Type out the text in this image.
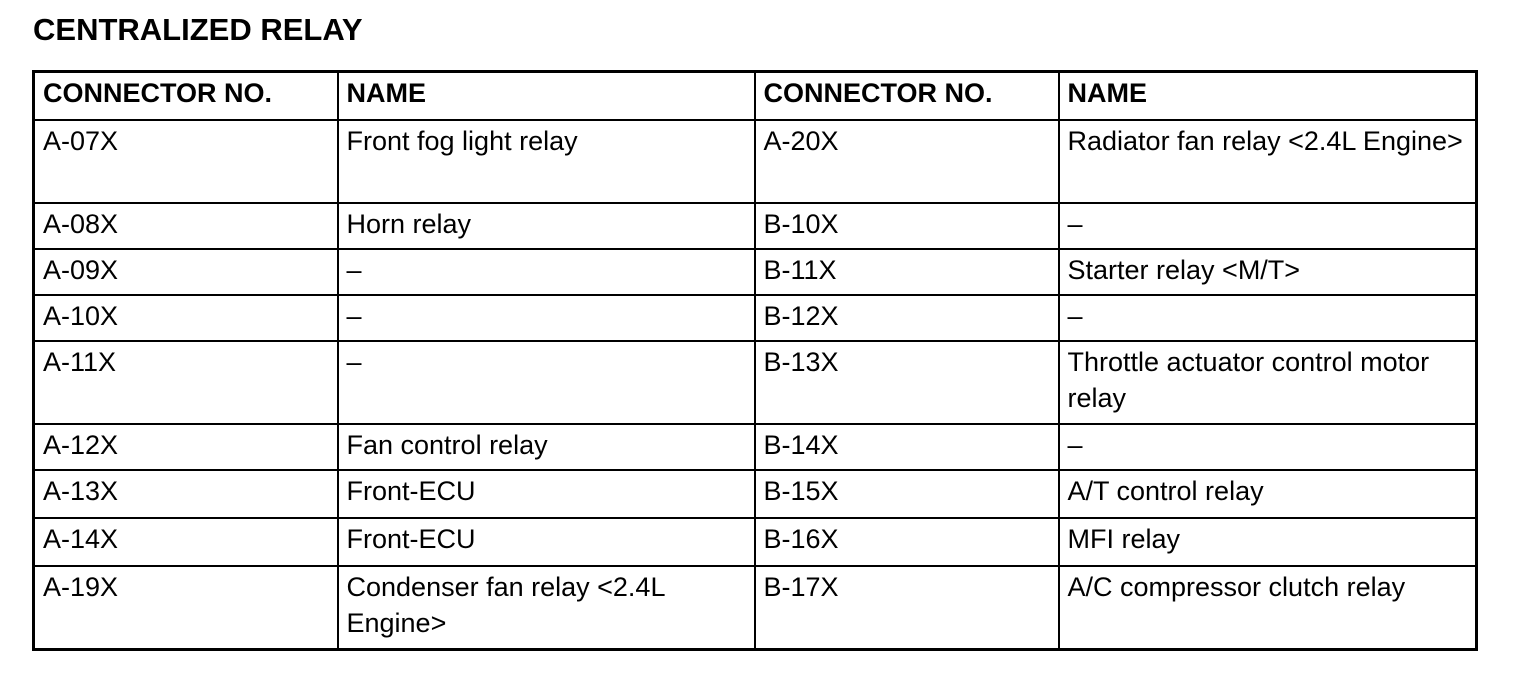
CENTRALIZED RELAY
CONNECTOR NO.	NAME	CONNECTOR NO.	NAME
A-07X	Front fog light relay	A-20X	Radiator fan relay <2.4L Engine>
A-08X	Horn relay	B-10X	–
A-09X	–	B-11X	Starter relay <M/T>
A-10X	–	B-12X	–
A-11X	–	B-13X	Throttle actuator control motor relay
A-12X	Fan control relay	B-14X	–
A-13X	Front-ECU	B-15X	A/T control relay
A-14X	Front-ECU	B-16X	MFI relay
A-19X	Condenser fan relay <2.4L Engine>	B-17X	A/C compressor clutch relay
